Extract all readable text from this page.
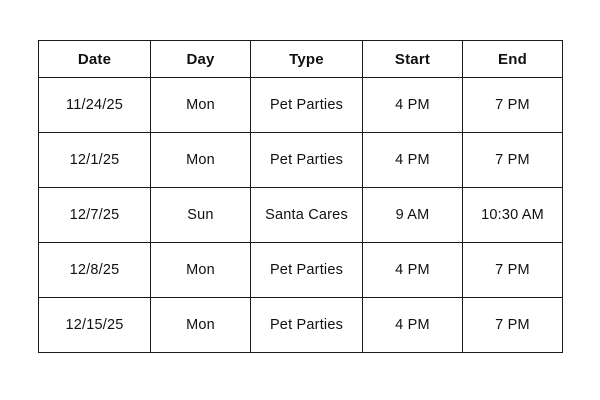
Date	Day	Type	Start	End
11/24/25	Mon	Pet Parties	4 PM	7 PM
12/1/25	Mon	Pet Parties	4 PM	7 PM
12/7/25	Sun	Santa Cares	9 AM	10:30 AM
12/8/25	Mon	Pet Parties	4 PM	7 PM
12/15/25	Mon	Pet Parties	4 PM	7 PM
